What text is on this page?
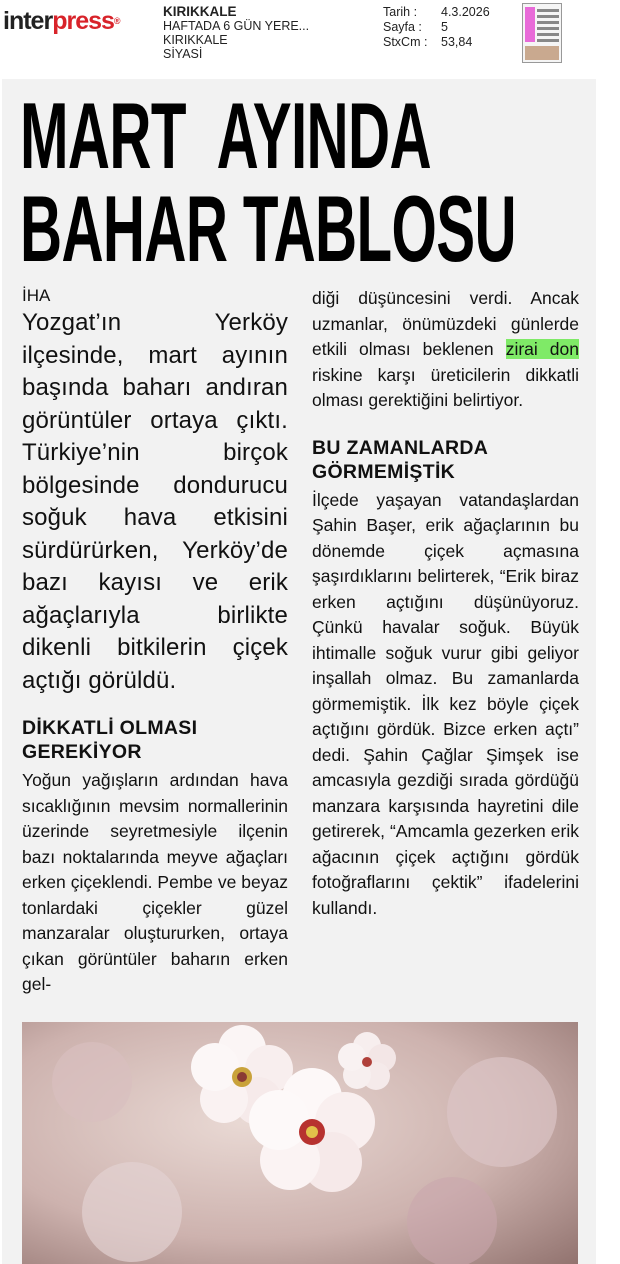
interpress®
KIRIKKALE
HAFTADA 6 GÜN YERE...
KIRIKKALE
SİYASİ
Tarih :	4.3.2026
Sayfa :	5
StxCm :	53,84
MART AYINDA
BAHAR TABLOSU
İHA

Yozgat’ın Yerköy ilçesinde, mart ayının başında baharı andıran görüntüler ortaya çıktı. Türkiye’nin birçok bölgesinde dondurucu soğuk hava etkisini sürdürürken, Yerköy’de bazı kayısı ve erik ağaçlarıyla birlikte dikenli bitkilerin çiçek açtığı görüldü.

DİKKATLİ OLMASI GEREKİYOR

Yoğun yağışların ardından hava sıcaklığının mevsim normallerinin üzerinde seyretmesiyle ilçenin bazı noktalarında meyve ağaçları erken çiçeklendi. Pembe ve beyaz tonlardaki çiçekler güzel manzaralar oluştururken, ortaya çıkan görüntüler baharın erken gel-

diği düşüncesini verdi. Ancak uzmanlar, önümüzdeki günlerde etkili olması beklenen zirai don riskine karşı üreticilerin dikkatli olması gerektiğini belirtiyor.

BU ZAMANLARDA GÖRMEMİŞTİK

İlçede yaşayan vatandaşlardan Şahin Başer, erik ağaçlarının bu dönemde çiçek açmasına şaşırdıklarını belirterek, “Erik biraz erken açtığını düşünüyoruz. Çünkü havalar soğuk. Büyük ihtimalle soğuk vurur gibi geliyor inşallah olmaz. Bu zamanlarda görmemiştik. İlk kez böyle çiçek açtığını gördük. Bizce erken açtı” dedi. Şahin Çağlar Şimşek ise amcasıyla gezdiği sırada gördüğü manzara karşısında hayretini dile getirerek, “Amcamla gezerken erik ağacının çiçek açtığını gördük fotoğraflarını çektik” ifadelerini kullandı.
